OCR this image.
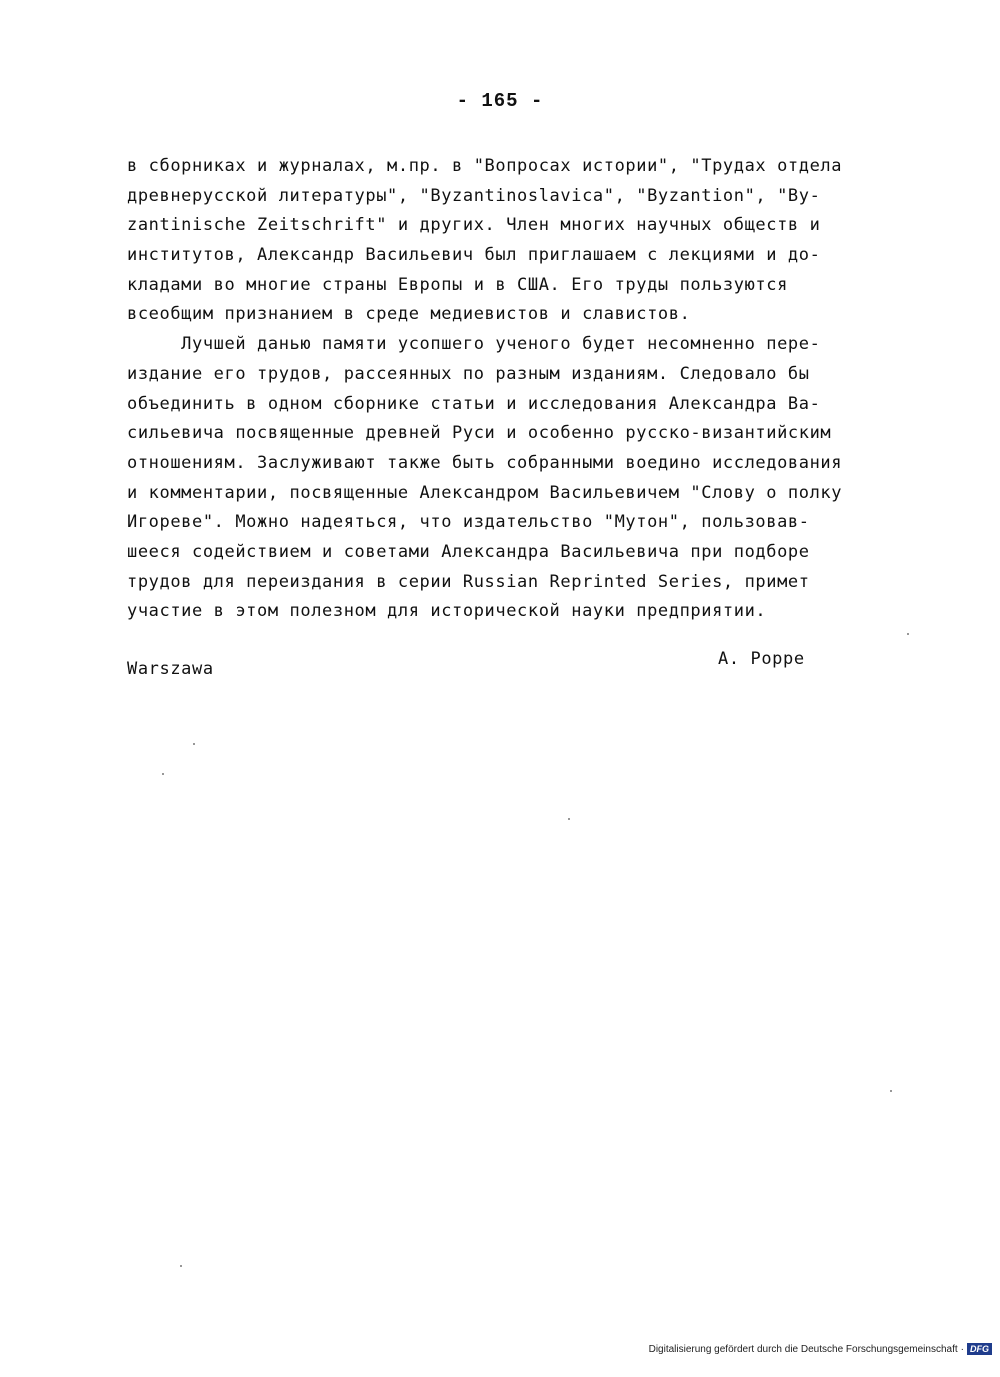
- 165 -
в сборниках и журналах, м.пр. в "Вопросах истории", "Трудах отдела
древнерусской литературы", "Byzantinoslavica", "Byzantion", "By-
zantinische Zeitschrift" и других. Член многих научных обществ и
институтов, Александр Васильевич был приглашаем с лекциями и до-
кладами во многие страны Европы и в США. Его труды пользуются
всеобщим признанием в среде медиевистов и славистов.
Лучшей данью памяти усопшего ученого будет несомненно пере-
издание его трудов, рассеянных по разным изданиям. Следовало бы
объединить в одном сборнике статьи и исследования Александра Ва-
сильевича посвященные древней Руси и особенно русско-византийским
отношениям. Заслуживают также быть собранными воедино исследования
и комментарии, посвященные Александром Васильевичем "Слову о полку
Игореве". Можно надеяться, что издательство "Мутон", пользовав-
шееся содействием и советами Александра Васильевича при подборе
трудов для переиздания в серии Russian Reprinted Series, примет
участие в этом полезном для исторической науки предприятии.
Warszawa	A. Poppe
Digitalisierung gefördert durch die Deutsche Forschungsgemeinschaft · DFG
